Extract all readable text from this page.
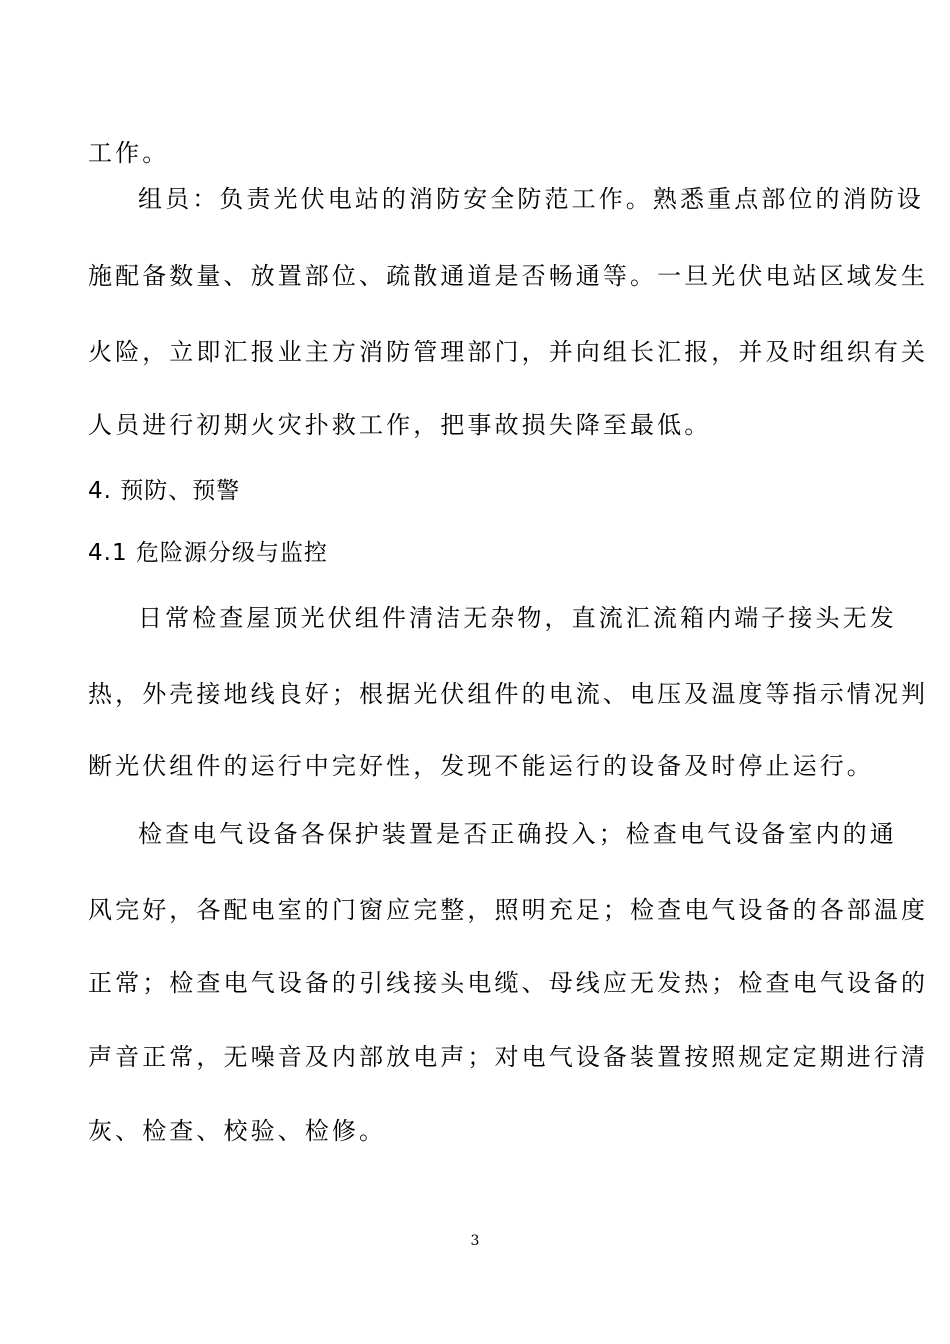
工作。
组员：负责光伏电站的消防安全防范工作。熟悉重点部位的消防设
施配备数量、放置部位、疏散通道是否畅通等。一旦光伏电站区域发生
火险，立即汇报业主方消防管理部门，并向组长汇报，并及时组织有关
人员进行初期火灾扑救工作，把事故损失降至最低。
4. 预防、预警
4.1 危险源分级与监控
日常检查屋顶光伏组件清洁无杂物，直流汇流箱内端子接头无发
热，外壳接地线良好；根据光伏组件的电流、电压及温度等指示情况判
断光伏组件的运行中完好性，发现不能运行的设备及时停止运行。
检查电气设备各保护装置是否正确投入；检查电气设备室内的通
风完好，各配电室的门窗应完整，照明充足；检查电气设备的各部温度
正常；检查电气设备的引线接头电缆、母线应无发热；检查电气设备的
声音正常，无噪音及内部放电声；对电气设备装置按照规定定期进行清
灰、检查、校验、检修。
3
